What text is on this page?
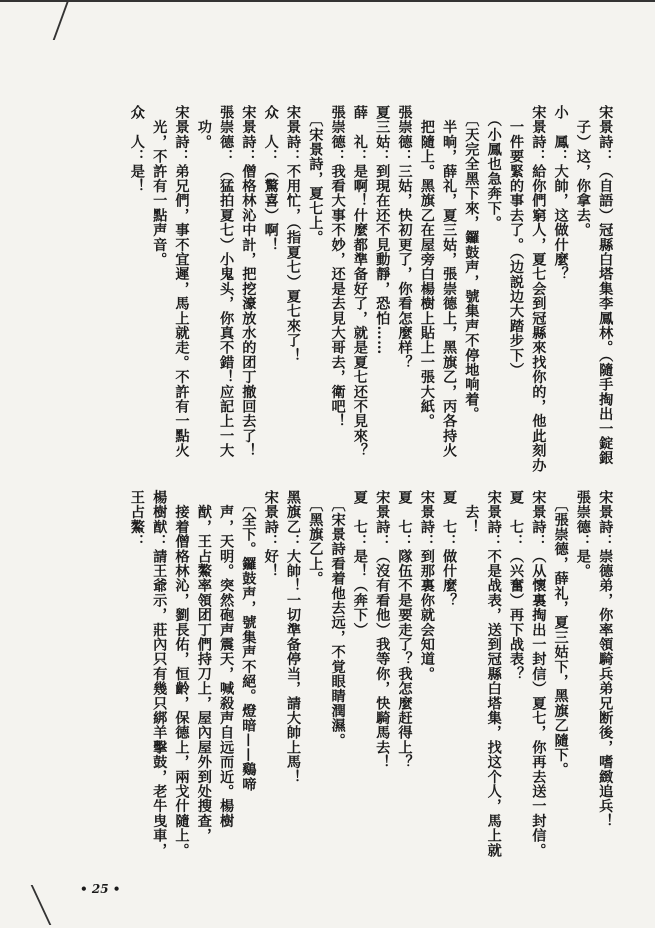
宋景詩：（自語）冠縣白塔集李鳳林。（隨手掏出一錠銀
　子）这，你拿去。
小　鳳：大帥，这做什麼？
宋景詩：給你們窮人，夏七会到冠縣來找你的，他此刻办
　一件要緊的事去了。（边説边大踏步下）
　（小鳳也急奔下。
　〔天完全黑下來，鑼鼓声，號集声不停地响着。
　半晌，薛礼，夏三姑，張崇德上，黑旗乙，丙各持火
　把隨上。黑旗乙在屋旁白楊樹上貼上一張大紙。
張崇德：三姑，快初更了，你看怎麼样？
夏三姑：到現在还不見動靜，恐怕……
薛　礼：是啊！什麼都準备好了，就是夏七还不見來？
張崇德：我看大事不妙，还是去見大哥去，衛吧！
　〔宋景詩，夏七上。
宋景詩：不用忙，（指夏七）夏七來了！
众　人：（驚喜）啊！
宋景詩：僧格林沁中計，把挖濠放水的团丁撤回去了！
張崇德：（猛拍夏七）小鬼头，你真不錯！应記上一大
　功。
宋景詩：弟兄們，事不宜遲，馬上就走。不許有一點火
　光，不許有一點声音。
众　人：是！
宋景詩：崇德弟，你率領騎兵弟兄断後，嗜緻追兵！
張崇德：是。
　〔張崇德，薛礼，夏三姑下，黑旗乙隨下。
宋景詩：（从懷裏掏出一封信）夏七，你再去送一封信。
夏　七：（兴奮）再下战表？
宋景詩：不是战表，送到冠縣白塔集，找这个人，馬上就
　去！
夏　七：做什麼？
宋景詩：到那裏你就会知道。
夏　七：隊伍不是要走了？我怎麼赶得上？
宋景詩：（沒有看他）我等你，快騎馬去！
夏　七：是！（奔下）
　〔宋景詩看着他去远，不覚眼睛潤濕。
　〔黑旗乙上。
黑旗乙：大帥！一切準备停当，請大帥上馬！
宋景詩：好！
　〔全下。鑼鼓声，號集声不絕。燈暗——鷄啼
　声，天明。突然砲声震天，喊殺声自远而近。楊樹
　猷，王占鰲率領团丁們持刀上，屋內屋外到处搜查，
　接着僧格林沁，劉長佑，恒齡，保德上，兩戈什隨上。
楊樹猷：請王爺示，莊內只有幾只綁羊擊鼓，老牛曳車，
王占鰲：
• 25 •
